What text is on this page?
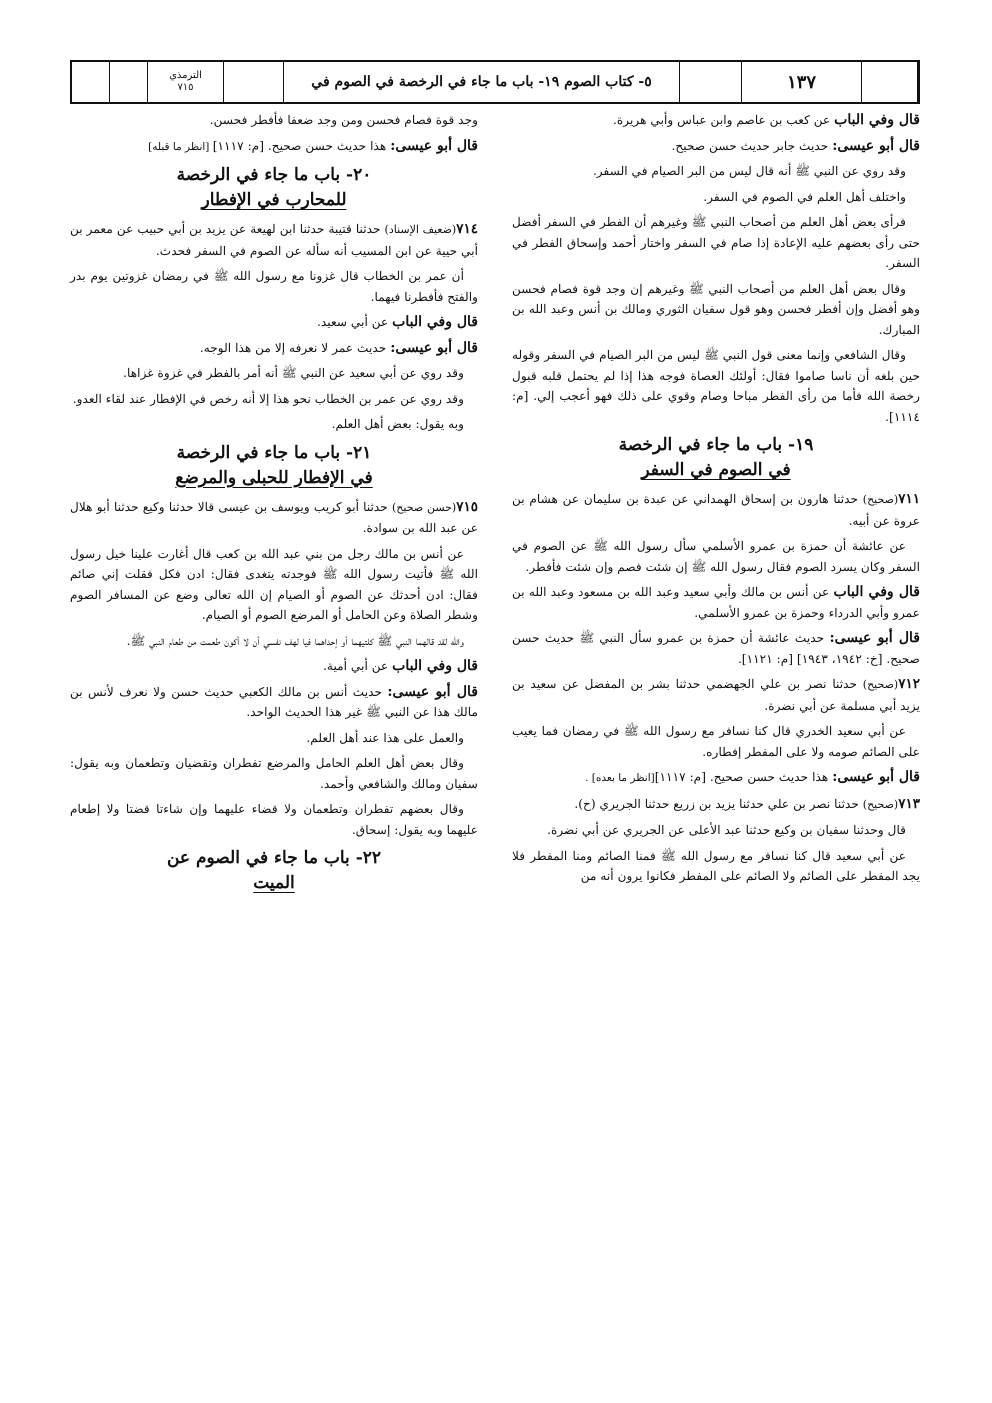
الترمذي
٧١٥	٥- كتاب الصوم ١٩- باب ما جاء في الرخصة في الصوم في	١٣٧

قال وفي الباب عن كعب بن عاصم وابن عباس وأبي هريرة.

قال أبو عيسى: حديث جابر حديث حسن صحيح.

وقد روي عن النبي ﷺ أنه قال ليس من البر الصيام في السفر.

واختلف أهل العلم في الصوم في السفر.

فرأى بعض أهل العلم من أصحاب النبي ﷺ وغيرهم أن الفطر في السفر أفضل حتى رأى بعضهم عليه الإعادة إذا صام في السفر واختار أحمد وإسحاق الفطر في السفر.

وقال بعض أهل العلم من أصحاب النبي ﷺ وغيرهم إن وجد قوة فصام فحسن وهو أفضل وإن أفطر فحسن وهو قول سفيان الثوري ومالك بن أنس وعبد الله بن المبارك.

وقال الشافعي وإنما معنى قول النبي ﷺ ليس من البر الصيام في السفر وقوله حين بلغه أن ناسا صاموا فقال: أولئك العصاة فوجه هذا إذا لم يحتمل قلبه قبول رخصة الله فأما من رأى الفطر مباحا وصام وقوي على ذلك فهو أعجب إلي. [م: ١١١٤].

١٩- باب ما جاء في الرخصة
في الصوم في السفر

٧١١(صحيح) حدثنا هارون بن إسحاق الهمداني عن عبدة بن سليمان عن هشام بن عروة عن أبيه.

عن عائشة أن حمزة بن عمرو الأسلمي سأل رسول الله ﷺ عن الصوم في السفر وكان يسرد الصوم فقال رسول الله ﷺ إن شئت فصم وإن شئت فأفطر.

قال وفي الباب عن أنس بن مالك وأبي سعيد وعبد الله بن مسعود وعبد الله بن عمرو وأبي الدرداء وحمزة بن عمرو الأسلمي.

قال أبو عيسى: حديث عائشة أن حمزة بن عمرو سأل النبي ﷺ حديث حسن صحيح. [خ: ١٩٤٢، ١٩٤٣] [م: ١١٢١].

٧١٢(صحيح) حدثنا نصر بن علي الجهضمي حدثنا بشر بن المفضل عن سعيد بن يزيد أبي مسلمة عن أبي نضرة.

عن أبي سعيد الخدري قال كنا نسافر مع رسول الله ﷺ في رمضان فما يعيب على الصائم صومه ولا على المفطر إفطاره.

قال أبو عيسى: هذا حديث حسن صحيح. [م: ١١١٧][انظر ما بعده] .

٧١٣(صحيح) حدثنا نصر بن علي حدثنا يزيد بن زريع حدثنا الجريري (ح).

قال وحدثنا سفيان بن وكيع حدثنا عبد الأعلى عن الجريري عن أبي نضرة.

عن أبي سعيد قال كنا نسافر مع رسول الله ﷺ فمنا الصائم ومنا المفطر فلا يجد المفطر على الصائم ولا الصائم على المفطر فكانوا يرون أنه من

وجد قوة فصام فحسن ومن وجد ضعفا فأفطر فحسن.

قال أبو عيسى: هذا حديث حسن صحيح. [م: ١١١٧] [انظر ما قبله]

٢٠- باب ما جاء في الرخصة
للمحارب في الإفطار

٧١٤(ضعيف الإسناد) حدثنا قتيبة حدثنا ابن لهيعة عن يزيد بن أبي حبيب عن معمر بن أبي حيية عن ابن المسيب أنه سأله عن الصوم في السفر فحدث.

أن عمر بن الخطاب قال غزونا مع رسول الله ﷺ في رمضان غزوتين يوم بدر والفتح فأفطرنا فيهما.

قال وفي الباب عن أبي سعيد.

قال أبو عيسى: حديث عمر لا نعرفه إلا من هذا الوجه.

وقد روي عن أبي سعيد عن النبي ﷺ أنه أمر بالفطر في غزوة غزاها.

وقد روي عن عمر بن الخطاب نحو هذا إلا أنه رخص في الإفطار عند لقاء العدو.

وبه يقول: بعض أهل العلم.

٢١- باب ما جاء في الرخصة
في الإفطار للحبلى والمرضع

٧١٥(حسن صحيح) حدثنا أبو كريب ويوسف بن عيسى قالا حدثنا وكيع حدثنا أبو هلال عن عبد الله بن سوادة.

عن أنس بن مالك رجل من بني عبد الله بن كعب قال أغارت علينا خيل رسول الله ﷺ فأتيت رسول الله ﷺ فوجدته يتغدى فقال: ادن فكل فقلت إني صائم فقال: ادن أحدثك عن الصوم أو الصيام إن الله تعالى وضع عن المسافر الصوم وشطر الصلاة وعن الحامل أو المرضع الصوم أو الصيام.

والله لقد قالهما النبي ﷺ كلتيهما أو إحداهما فيا لهف نفسي أن لا أكون طعمت من طعام النبي ﷺ.

قال وفي الباب عن أبي أمية.

قال أبو عيسى: حديث أنس بن مالك الكعبي حديث حسن ولا نعرف لأنس بن مالك هذا عن النبي ﷺ غير هذا الحديث الواحد.

والعمل على هذا عند أهل العلم.

وقال بعض أهل العلم الحامل والمرضع تفطران وتقضيان وتطعمان وبه يقول: سفيان ومالك والشافعي وأحمد.

وقال بعضهم تفطران وتطعمان ولا قضاء عليهما وإن شاءتا قضتا ولا إطعام عليهما وبه يقول: إسحاق.

٢٢- باب ما جاء في الصوم عن
الميت
